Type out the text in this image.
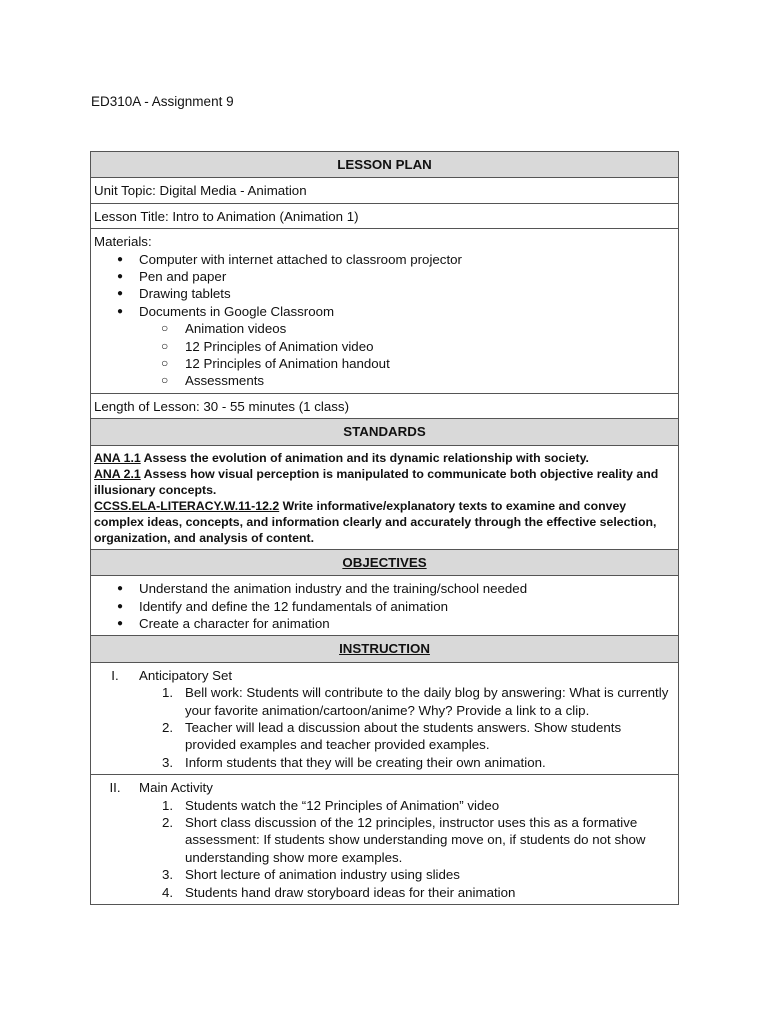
ED310A - Assignment 9
LESSON PLAN
Unit Topic: Digital Media - Animation
Lesson Title: Intro to Animation (Animation 1)

Materials:
● Computer with internet attached to classroom projector
● Pen and paper
● Drawing tablets
● Documents in Google Classroom
○ Animation videos
○ 12 Principles of Animation video
○ 12 Principles of Animation handout
○ Assessments

Length of Lesson: 30 - 55 minutes (1 class)
STANDARDS

ANA 1.1 Assess the evolution of animation and its dynamic relationship with society.

ANA 2.1 Assess how visual perception is manipulated to communicate both objective reality and illusionary concepts.

CCSS.ELA-LITERACY.W.11-12.2 Write informative/explanatory texts to examine and convey complex ideas, concepts, and information clearly and accurately through the effective selection, organization, and analysis of content.

OBJECTIVES

● Understand the animation industry and the training/school needed
● Identify and define the 12 fundamentals of animation
● Create a character for animation

INSTRUCTION

I.	Anticipatory Set
1. Bell work: Students will contribute to the daily blog by answering: What is currently your favorite animation/cartoon/anime? Why? Provide a link to a clip.
2. Teacher will lead a discussion about the students answers. Show students provided examples and teacher provided examples.
3. Inform students that they will be creating their own animation.

II.	Main Activity
1. Students watch the “12 Principles of Animation” video
2. Short class discussion of the 12 principles, instructor uses this as a formative assessment: If students show understanding move on, if students do not show understanding show more examples.
3. Short lecture of animation industry using slides
4. Students hand draw storyboard ideas for their animation
